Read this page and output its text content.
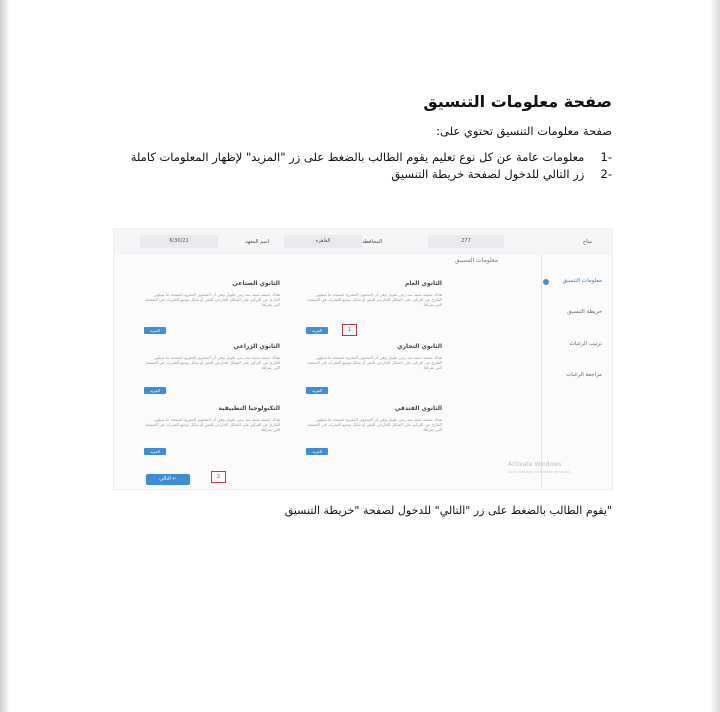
صفحة معلومات التنسيق
صفحة معلومات التنسيق تحتوي على:
-1 معلومات عامة عن كل نوع تعليم يقوم الطالب بالضغط على زر "المزيد" لإظهار المعلومات كاملة
-2 زر التالي للدخول لصفحة خريطة التنسيق
متاح
277
المحافظة
القاهرة
اسم المعهد
6/30/21
معلومات التنسيق
خريطة التنسيق
ترتيب الرغبات
مراجعة الرغبات
معلومات التنسيق
الثانوي العام
هناك حقيقة مثبتة منذ زمن طويل وهي أن المحتوى المقروء لصفحة ما سيلهي القارئ عن التركيز على الشكل الخارجي للنص أو شكل توضع الفقرات في الصفحة التي يقرأها.
المزيد
الثانوي الصناعي
هناك حقيقة مثبتة منذ زمن طويل وهي أن المحتوى المقروء لصفحة ما سيلهي القارئ عن التركيز على الشكل الخارجي للنص أو شكل توضع الفقرات في الصفحة التي يقرأها.
المزيد
الثانوي التجاري
هناك حقيقة مثبتة منذ زمن طويل وهي أن المحتوى المقروء لصفحة ما سيلهي القارئ عن التركيز على الشكل الخارجي للنص أو شكل توضع الفقرات في الصفحة التي يقرأها.
المزيد
الثانوي الزراعي
هناك حقيقة مثبتة منذ زمن طويل وهي أن المحتوى المقروء لصفحة ما سيلهي القارئ عن التركيز على الشكل الخارجي للنص أو شكل توضع الفقرات في الصفحة التي يقرأها.
المزيد
الثانوي الفندقي
هناك حقيقة مثبتة منذ زمن طويل وهي أن المحتوى المقروء لصفحة ما سيلهي القارئ عن التركيز على الشكل الخارجي للنص أو شكل توضع الفقرات في الصفحة التي يقرأها.
المزيد
التكنولوجيا التطبيقية
هناك حقيقة مثبتة منذ زمن طويل وهي أن المحتوى المقروء لصفحة ما سيلهي القارئ عن التركيز على الشكل الخارجي للنص أو شكل توضع الفقرات في الصفحة التي يقرأها.
المزيد
1
2
التالي ←
Activate Windows
Go to Settings to activate Windows.
"يقوم الطالب بالضغط على زر "التالي" للدخول لصفحة "خريطة التنسيق
